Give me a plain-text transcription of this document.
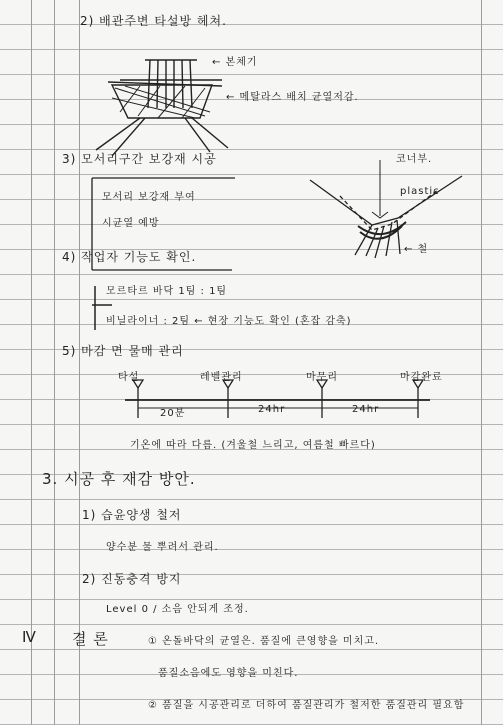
2) 배관주변 타설방 헤쳐.
← 본체기
← 메탈라스 배치 균열저감.
3) 모서리구간 보강재 시공	코너부.
모서리 보강재 부여
plastic
시균열 예방
← 철
4) 작업자 기능도 확인.
모르타르 바닥 1팀 : 1팀
비닐라이너 : 2팀 ← 현장 기능도 확인 (혼잡 감축)
5) 마감 면 물매 관리
타설	레벨관리	마무리	마감완료
20분	24hr	24hr
기온에 따라 다름. (겨울철 느리고, 여름철 빠르다)
3. 시공 후 재감 방안.
1) 습윤양생 철저
양수분 물 뿌려서 관리.
2) 진동충격 방지
Level 0 / 소음 안되게 조정.
Ⅳ 결 론	① 온돌바닥의 균열은. 품질에 큰영향을 미치고.
품질소음에도 영향을 미친다.
② 품질을 시공관리로 더하여 품질관리가 철저한 품질관리 필요함
